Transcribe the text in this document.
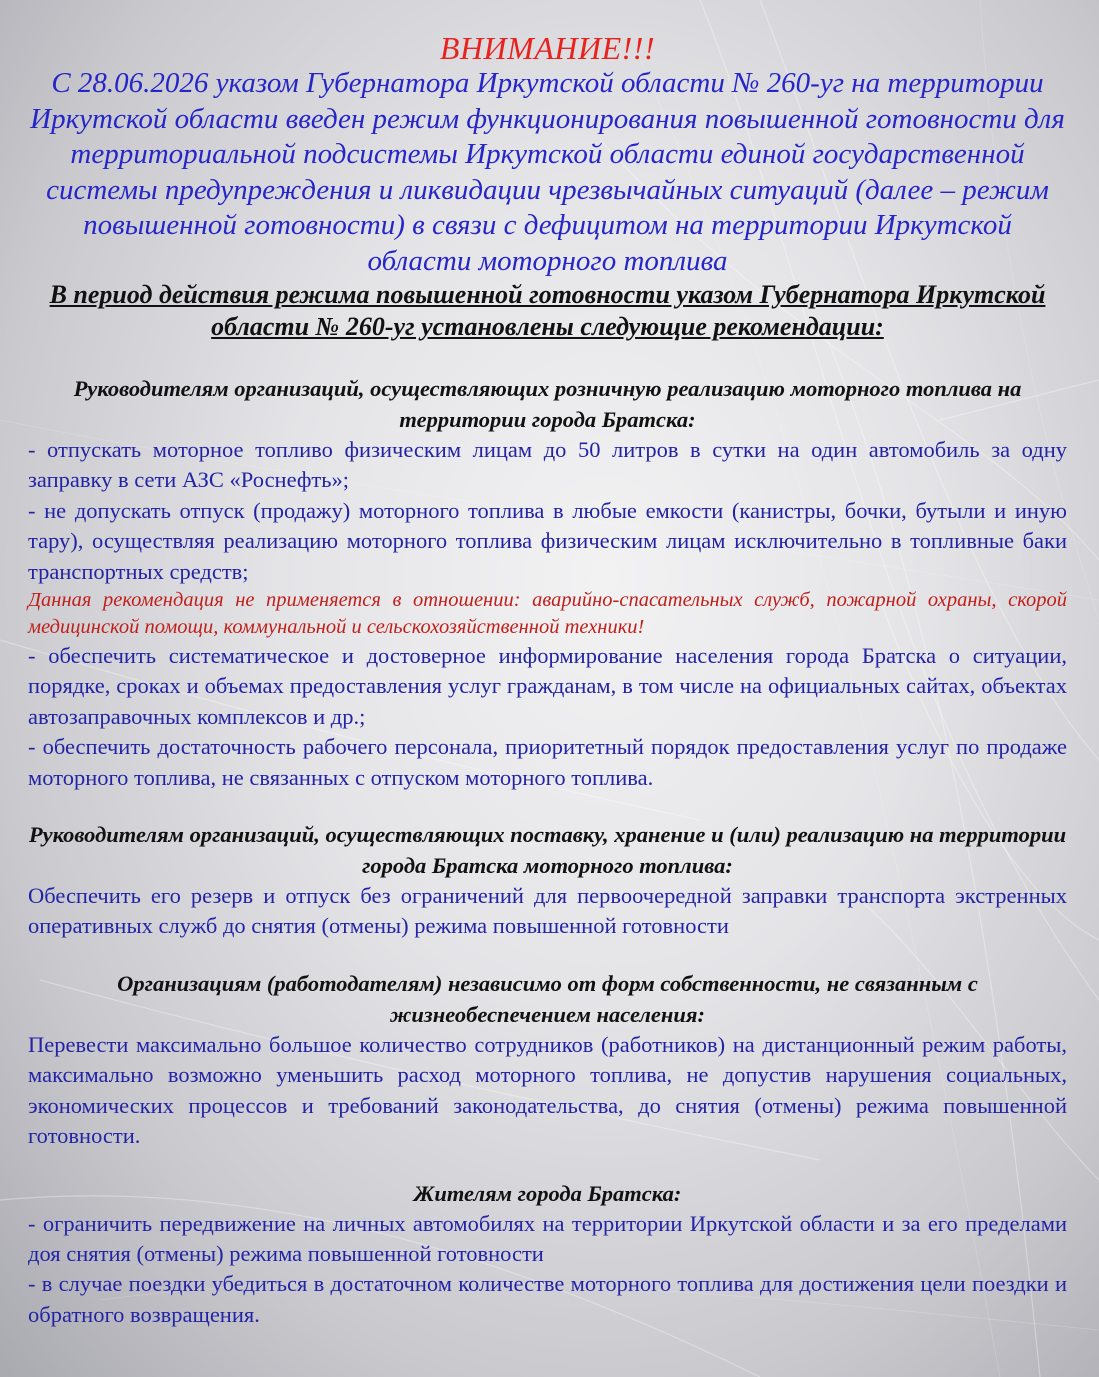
ВНИМАНИЕ!!!

С 28.06.2026 указом Губернатора Иркутской области № 260-уг на территории Иркутской области введен режим функционирования повышенной готовности для территориальной подсистемы Иркутской области единой государственной системы предупреждения и ликвидации чрезвычайных ситуаций (далее – режим повышенной готовности) в связи с дефицитом на территории Иркутской области моторного топлива

В период действия режима повышенной готовности указом Губернатора Иркутской области № 260-уг установлены следующие рекомендации:

Руководителям организаций, осуществляющих розничную реализацию моторного топлива на территории города Братска:

- отпускать моторное топливо физическим лицам до 50 литров в сутки на один автомобиль за одну заправку в сети АЗС «Роснефть»;

- не допускать отпуск (продажу) моторного топлива в любые емкости (канистры, бочки, бутыли и иную тару), осуществляя реализацию моторного топлива физическим лицам исключительно в топливные баки транспортных средств;

Данная рекомендация не применяется в отношении: аварийно-спасательных служб, пожарной охраны, скорой медицинской помощи, коммунальной и сельскохозяйственной техники!

- обеспечить систематическое и достоверное информирование населения города Братска о ситуации, порядке, сроках и объемах предоставления услуг гражданам, в том числе на официальных сайтах, объектах автозаправочных комплексов и др.;

- обеспечить достаточность рабочего персонала, приоритетный порядок предоставления услуг по продаже моторного топлива, не связанных с отпуском моторного топлива.

Руководителям организаций, осуществляющих поставку, хранение и (или) реализацию на территории города Братска моторного топлива:

Обеспечить его резерв и отпуск без ограничений для первоочередной заправки транспорта экстренных оперативных служб до снятия (отмены) режима повышенной готовности

Организациям (работодателям) независимо от форм собственности, не связанным с жизнеобеспечением населения:

Перевести максимально большое количество сотрудников (работников) на дистанционный режим работы, максимально возможно уменьшить расход моторного топлива, не допустив нарушения социальных, экономических процессов и требований законодательства, до снятия (отмены) режима повышенной готовности.

Жителям города Братска:

- ограничить передвижение на личных автомобилях на территории Иркутской области и за его пределами доя снятия (отмены) режима повышенной готовности

- в случае поездки убедиться в достаточном количестве моторного топлива для достижения цели поездки и обратного возвращения.
